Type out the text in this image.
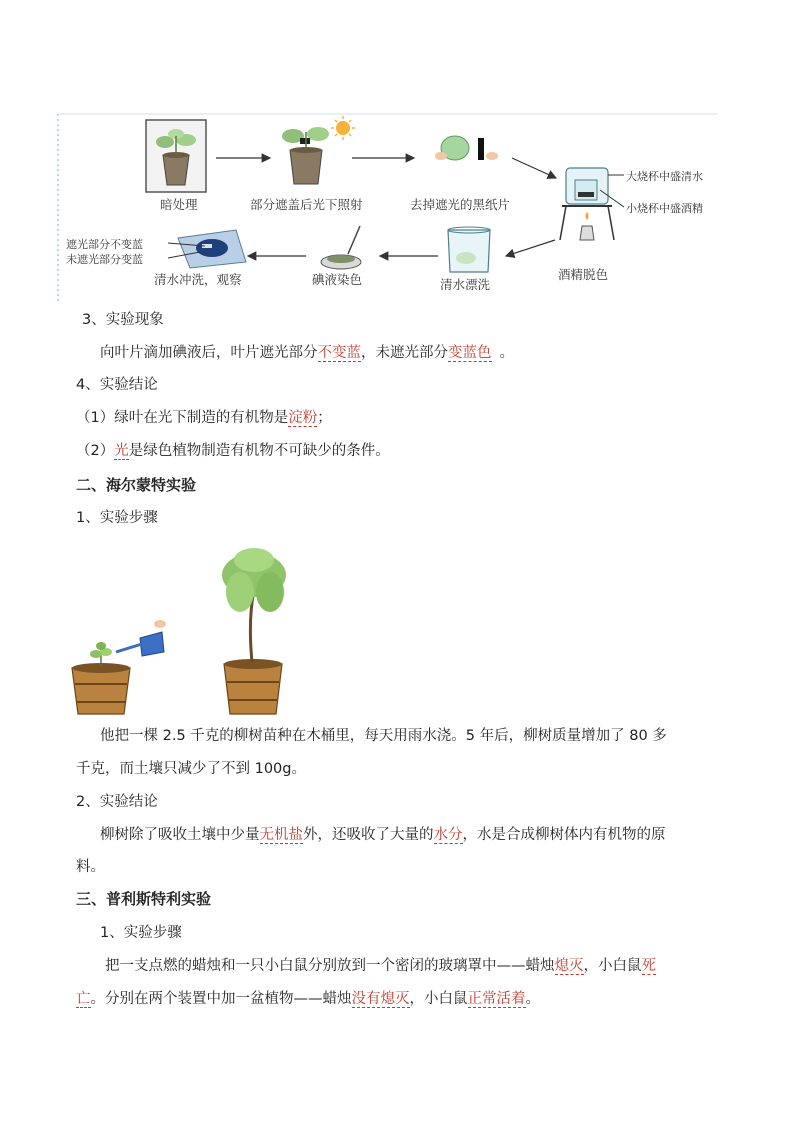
暗处理	部分遮盖后光下照射	去掉遮光的黑纸片
大烧杯中盛清水
小烧杯中盛酒精
酒精脱色
清水漂洗
碘液染色
清水冲洗，观察
遮光部分不变蓝
未遮光部分变蓝
3、实验现象
向叶片滴加碘液后，叶片遮光部分不变蓝，未遮光部分变蓝色 。
4、实验结论
（1）绿叶在光下制造的有机物是淀粉；
（2）光是绿色植物制造有机物不可缺少的条件。
二、海尔蒙特实验
1、实验步骤
他把一棵 2.5 千克的柳树苗种在木桶里，每天用雨水浇。5 年后，柳树质量增加了 80 多
千克，而土壤只减少了不到 100g。
2、实验结论
柳树除了吸收土壤中少量无机盐外，还吸收了大量的水分，水是合成柳树体内有机物的原
料。
三、普利斯特利实验
1、实验步骤
把一支点燃的蜡烛和一只小白鼠分别放到一个密闭的玻璃罩中——蜡烛熄灭，小白鼠死
亡。分别在两个装置中加一盆植物——蜡烛没有熄灭，小白鼠正常活着。
